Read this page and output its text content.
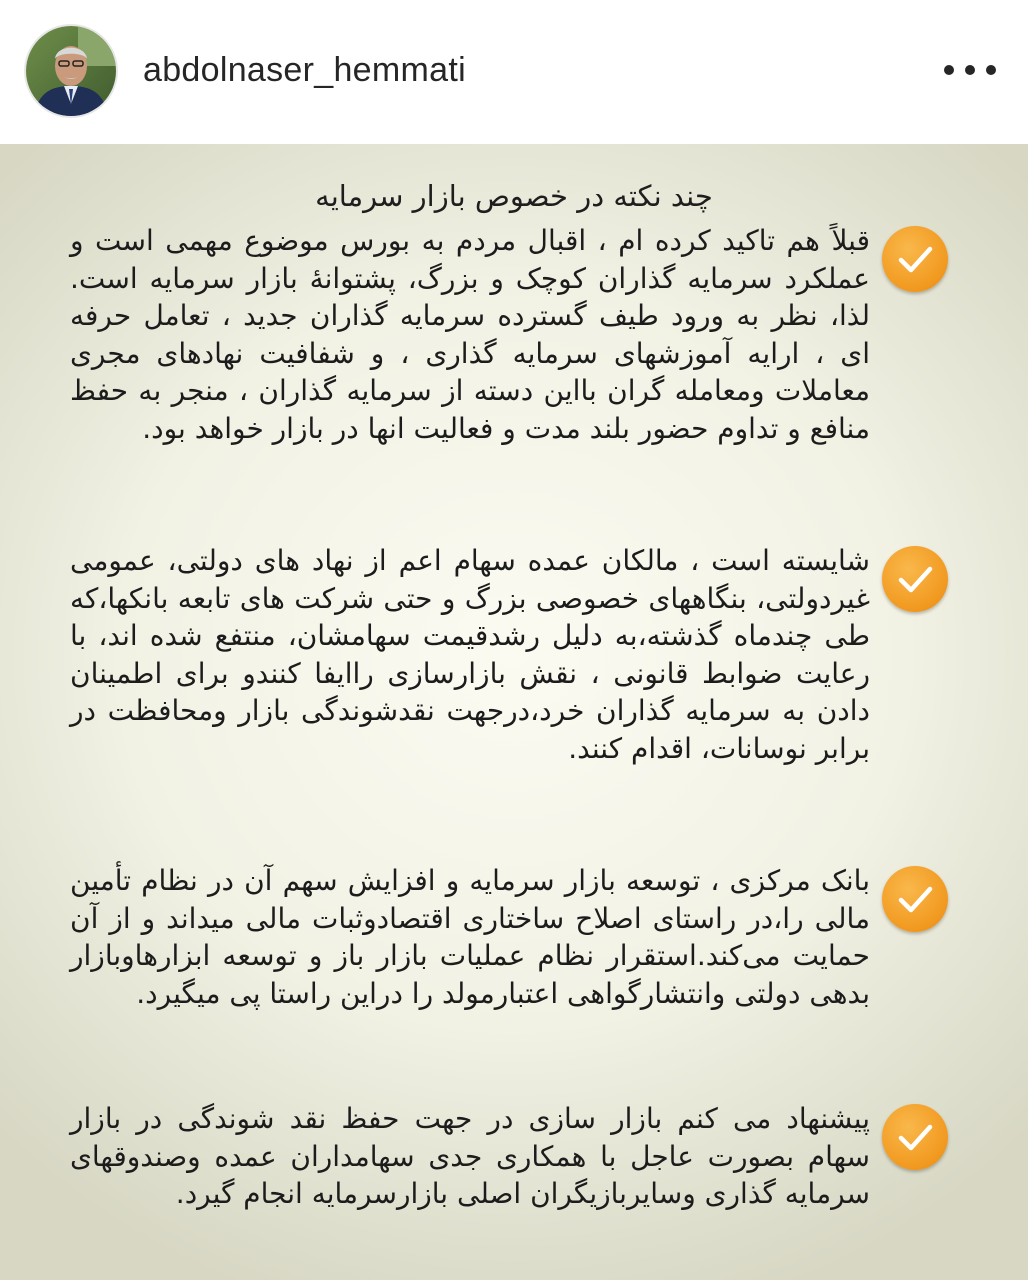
abdolnaser_hemmati
چند نکته در خصوص بازار سرمایه
قبلاً هم تاکید کرده ام ، اقبال مردم به بورس موضوع مهمی است و عملکرد سرمایه گذاران کوچک و بزرگ، پشتوانهٔ بازار سرمایه است. لذا، نظر به ورود طیف گسترده سرمایه گذاران جدید ، تعامل حرفه ای ، ارایه آموزشهای سرمایه گذاری ، و شفافیت نهادهای مجری معاملات ومعامله گران بااین دسته از سرمایه گذاران ، منجر به حفظ منافع و تداوم حضور بلند مدت و فعالیت انها در بازار خواهد بود.
شایسته است ، مالکان عمده سهام اعم از نهاد های دولتی، عمومی غیردولتی، بنگاههای خصوصی بزرگ و حتی شرکت های تابعه بانکها،که طی چندماه گذشته،به دلیل رشدقیمت سهامشان، منتفع شده اند، با رعایت ضوابط قانونی ، نقش بازارسازی راایفا کنندو برای اطمینان دادن به سرمایه گذاران خرد،درجهت نقدشوندگی بازار ومحافظت در برابر نوسانات، اقدام کنند.
بانک مرکزی ، توسعه بازار سرمایه و افزایش سهم آن در نظام تأمین مالی را،در راستای اصلاح ساختاری اقتصادوثبات مالی میداند و از آن حمایت می‌کند.استقرار نظام عملیات بازار باز و توسعه ابزارهاوبازار بدهی دولتی وانتشارگواهی اعتبارمولد را دراین راستا پی میگیرد.
پیشنهاد می کنم بازار سازی در جهت حفظ نقد شوندگی در بازار سهام بصورت عاجل با همکاری جدی سهامداران عمده وصندوقهای سرمایه گذاری وسایربازیگران اصلی بازارسرمایه انجام گیرد.
